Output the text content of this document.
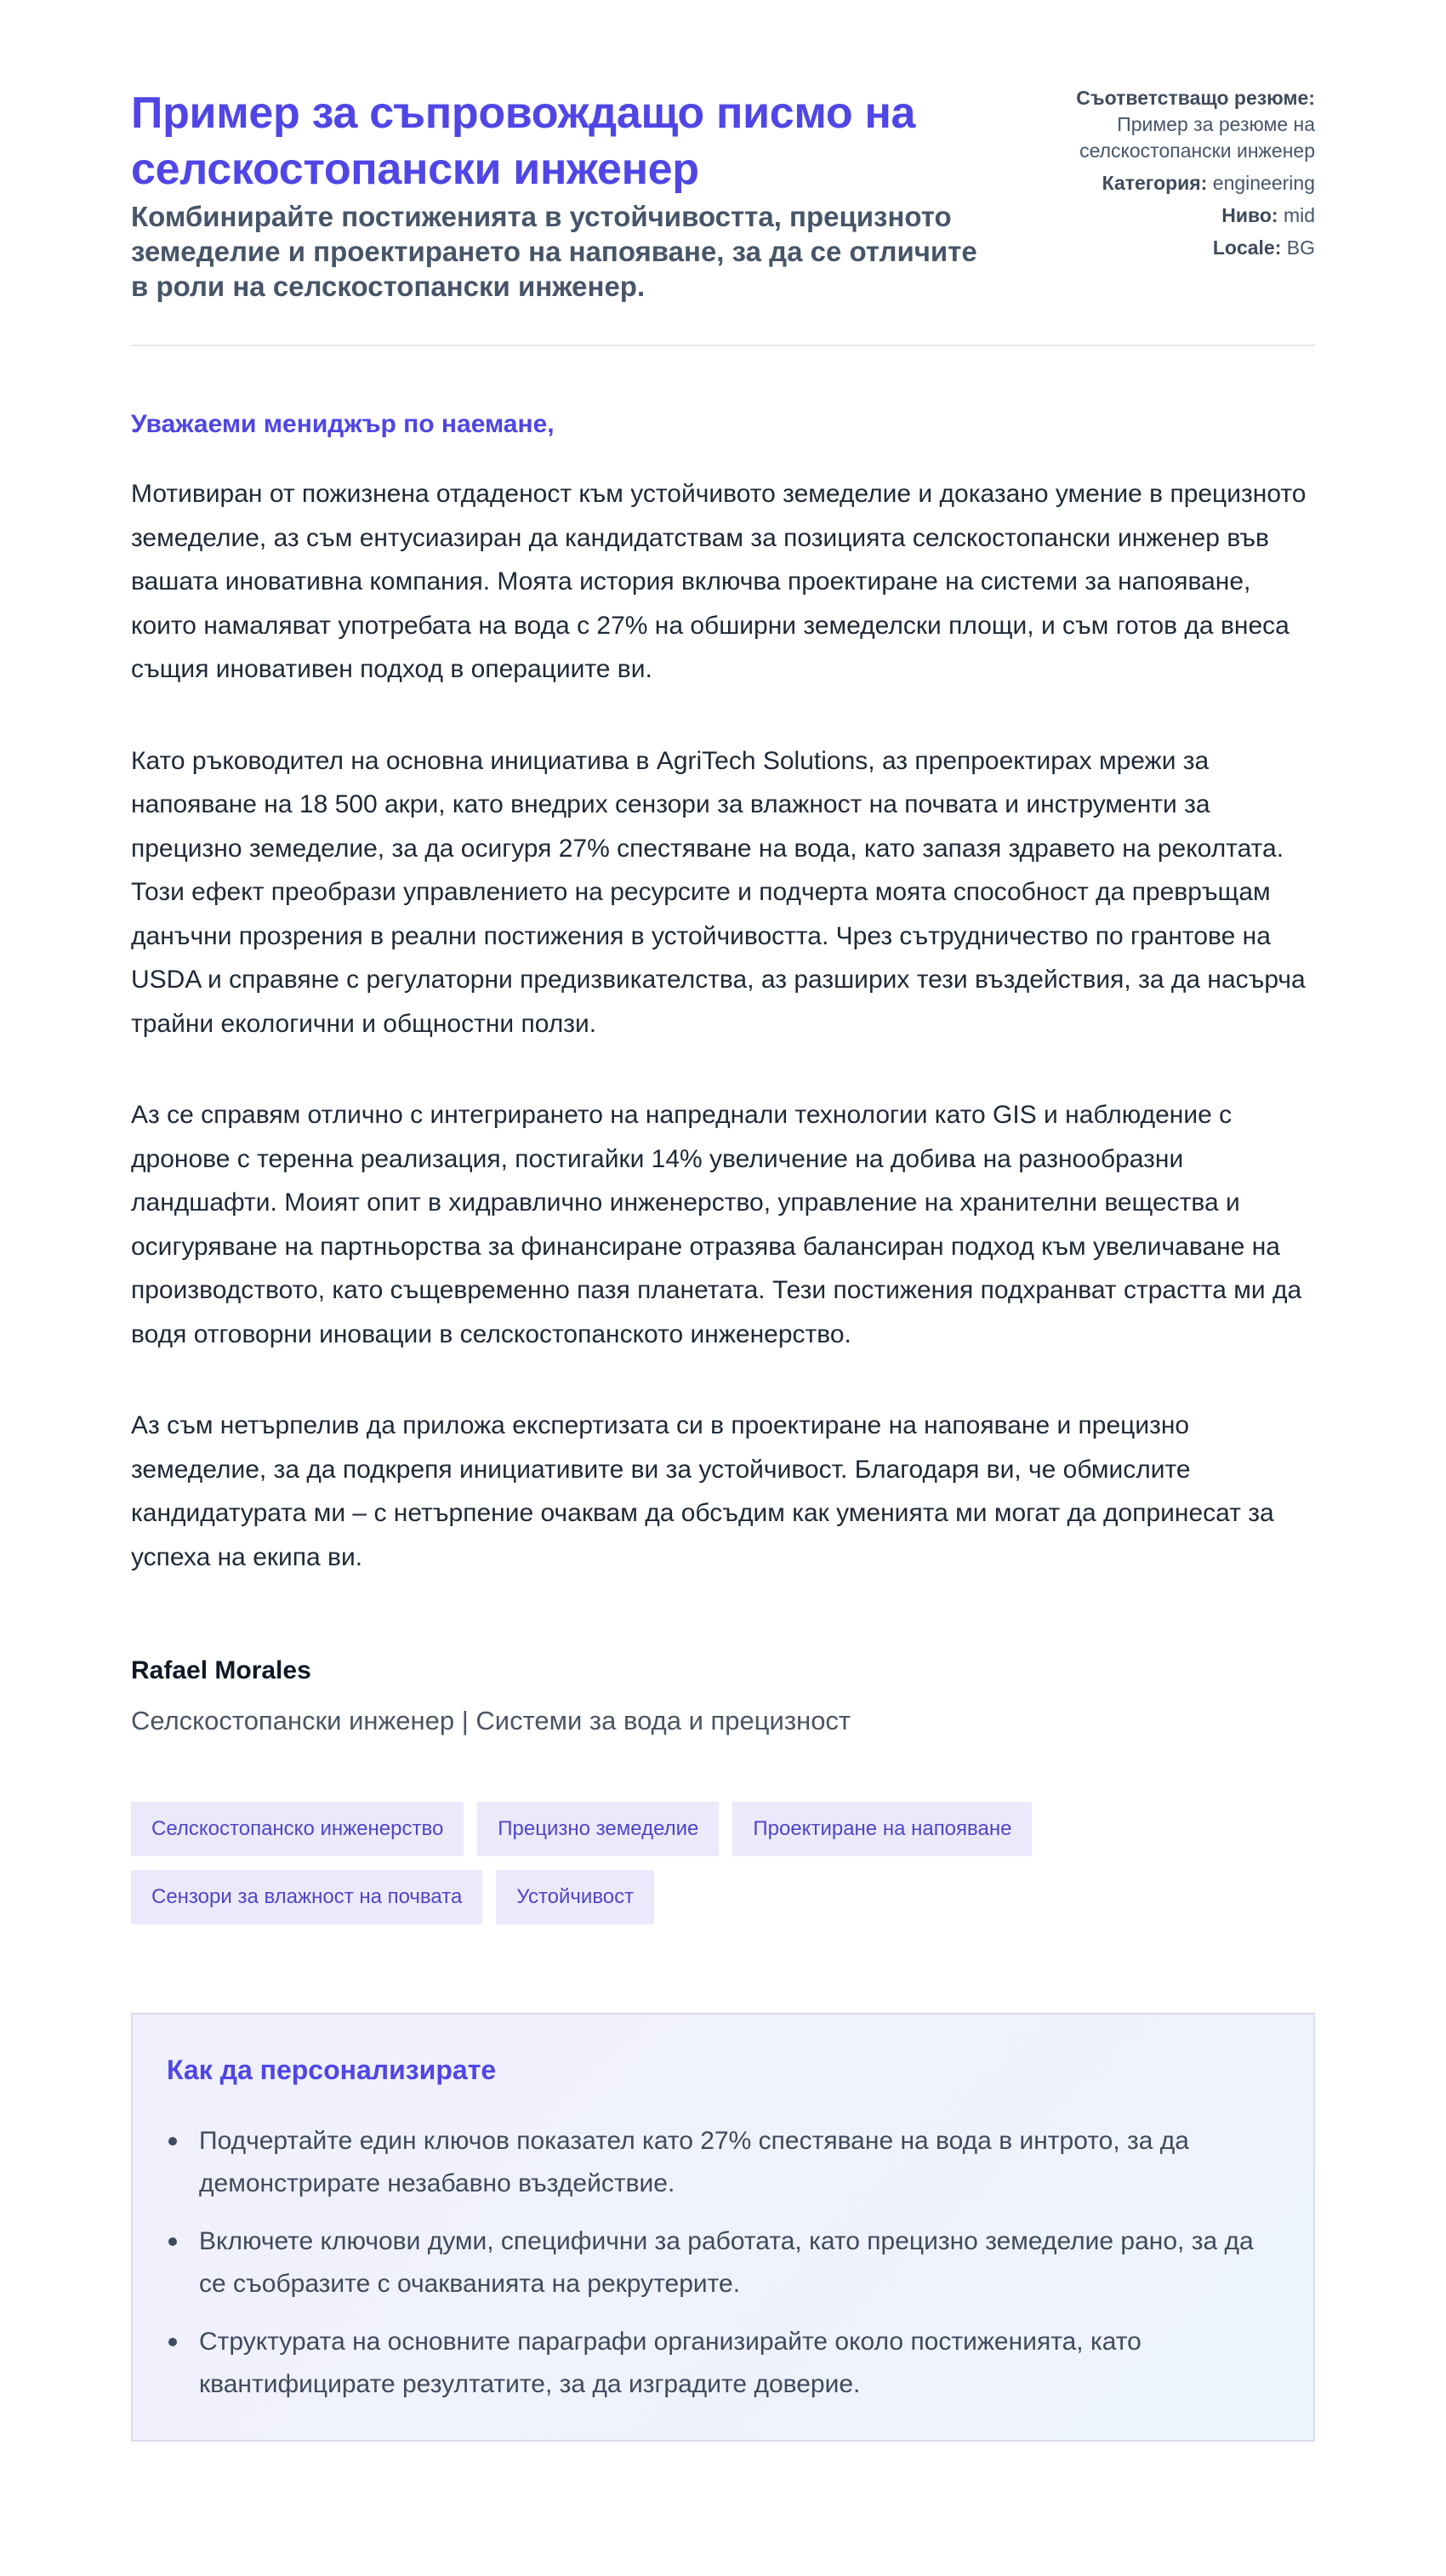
Пример за съпровождащо писмо на селскостопански инженер

Комбинирайте постиженията в устойчивостта, прецизното земеделие и проектирането на напояване, за да се отличите в роли на селскостопански инженер.

Съответстващо резюме:
Пример за резюме на селскостопански инженер
Категория: engineering
Ниво: mid
Locale: BG

Уважаеми мениджър по наемане,

Мотивиран от пожизнена отдаденост към устойчивото земеделие и доказано умение в прецизното земеделие, аз съм ентусиазиран да кандидатствам за позицията селскостопански инженер във вашата иновативна компания. Моята история включва проектиране на системи за напояване, които намаляват употребата на вода с 27% на обширни земеделски площи, и съм готов да внеса същия иновативен подход в операциите ви.

Като ръководител на основна инициатива в AgriTech Solutions, аз препроектирах мрежи за напояване на 18 500 акри, като внедрих сензори за влажност на почвата и инструменти за прецизно земеделие, за да осигуря 27% спестяване на вода, като запазя здравето на реколтата. Този ефект преобрази управлението на ресурсите и подчерта моята способност да превръщам данъчни прозрения в реални постижения в устойчивостта. Чрез сътрудничество по грантове на USDA и справяне с регулаторни предизвикателства, аз разширих тези въздействия, за да насърча трайни екологични и общностни ползи.

Аз се справям отлично с интегрирането на напреднали технологии като GIS и наблюдение с дронове с теренна реализация, постигайки 14% увеличение на добива на разнообразни ландшафти. Моият опит в хидравлично инженерство, управление на хранителни вещества и осигуряване на партньорства за финансиране отразява балансиран подход към увеличаване на производството, като същевременно пазя планетата. Тези постижения подхранват страстта ми да водя отговорни иновации в селскостопанското инженерство.

Аз съм нетърпелив да приложа експертизата си в проектиране на напояване и прецизно земеделие, за да подкрепя инициативите ви за устойчивост. Благодаря ви, че обмислите кандидатурата ми – с нетърпение очаквам да обсъдим как уменията ми могат да допринесат за успеха на екипа ви.

Rafael Morales
Селскостопански инженер | Системи за вода и прецизност
Селскостопанско инженерство	Прецизно земеделие	Проектиране на напояване
Сензори за влажност на почвата	Устойчивост
Как да персонализирате
Подчертайте един ключов показател като 27% спестяване на вода в интрото, за да демонстрирате незабавно въздействие.
Включете ключови думи, специфични за работата, като прецизно земеделие рано, за да се съобразите с очакванията на рекрутерите.
Структурата на основните параграфи организирайте около постиженията, като квантифицирате резултатите, за да изградите доверие.
